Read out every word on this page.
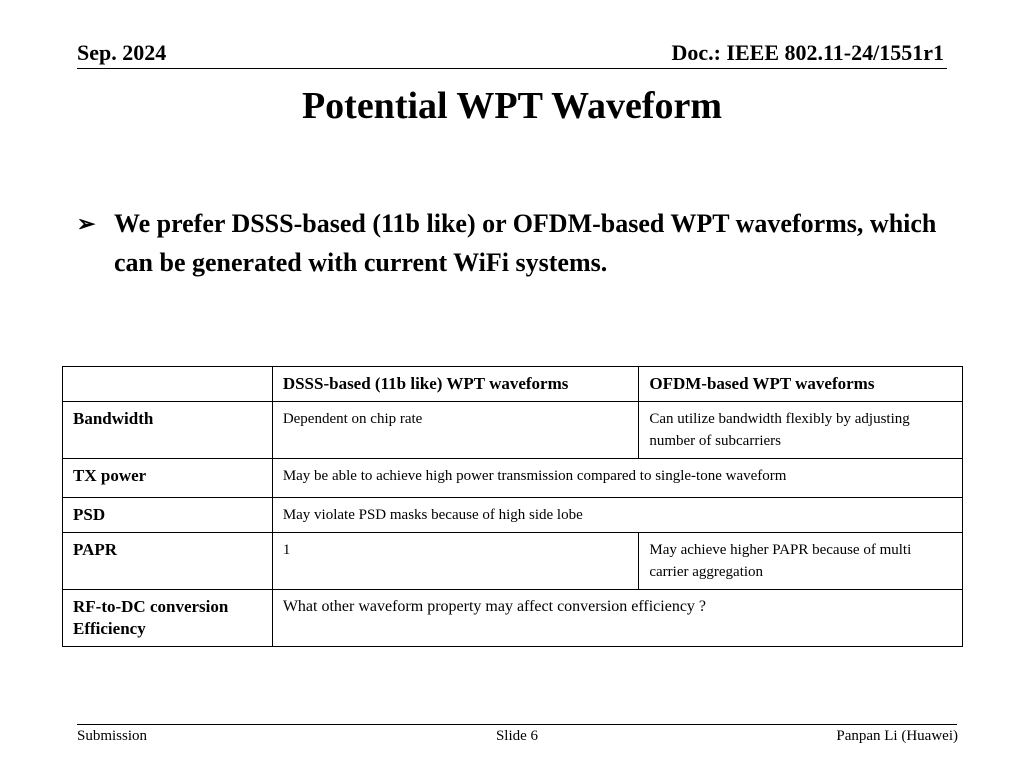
Sep. 2024	Doc.: IEEE 802.11-24/1551r1
Potential WPT Waveform
➢ We prefer DSSS-based (11b like) or OFDM-based WPT waveforms, which can be generated with current WiFi systems.
	DSSS-based (11b like) WPT waveforms	OFDM-based WPT waveforms
Bandwidth	Dependent on chip rate	Can utilize bandwidth flexibly by adjusting number of subcarriers
TX power	May be able to achieve high power transmission compared to single-tone waveform	
PSD	May violate PSD masks because of high side lobe	
PAPR	1	May achieve higher PAPR because of multi carrier aggregation
RF-to-DC conversion Efficiency	What other waveform property may affect conversion efficiency ?	
Submission	Slide 6	Panpan Li (Huawei)
